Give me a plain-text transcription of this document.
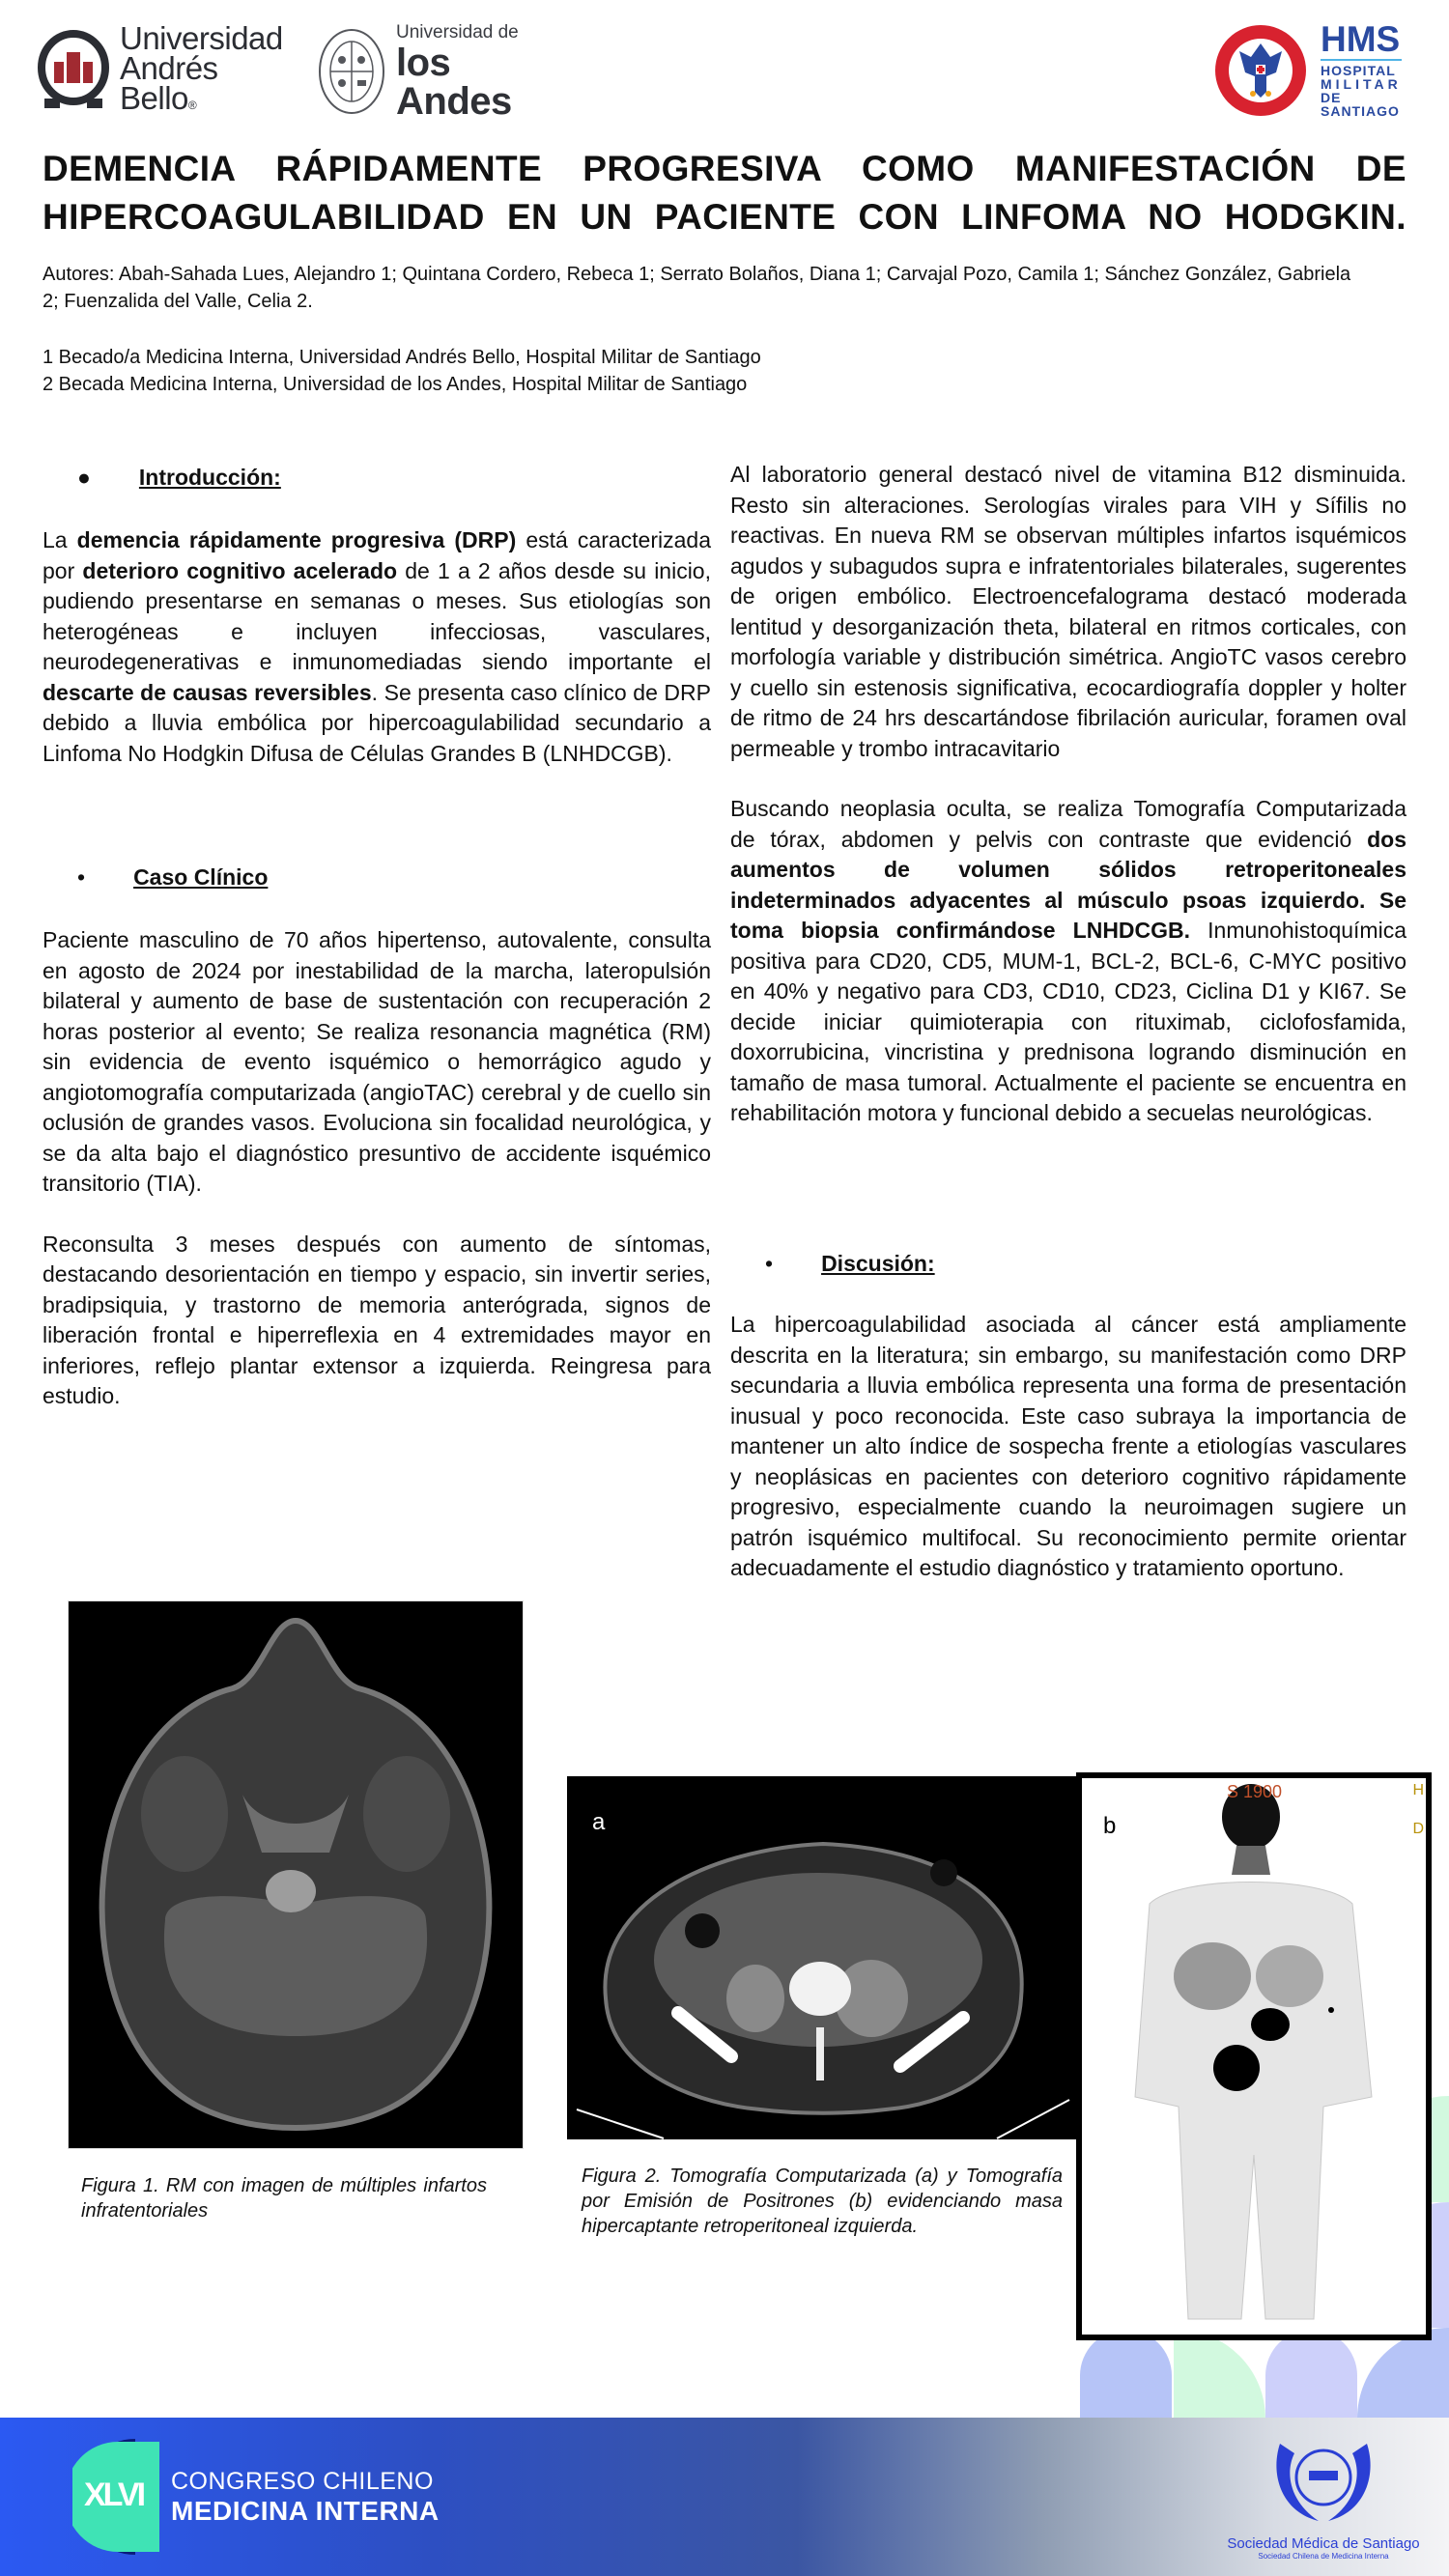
Universidad
Andrés Bello®
Universidad de
los Andes
HMS
HOSPITAL
MILITAR
DE SANTIAGO
DEMENCIA RÁPIDAMENTE PROGRESIVA COMO MANIFESTACIÓN DE
HIPERCOAGULABILIDAD EN UN PACIENTE CON LINFOMA NO HODGKIN.
Autores: Abah-Sahada Lues, Alejandro 1; Quintana Cordero, Rebeca 1; Serrato Bolaños, Diana 1; Carvajal Pozo, Camila 1; Sánchez González, Gabriela 2; Fuenzalida del Valle, Celia 2.
1 Becado/a Medicina Interna, Universidad Andrés Bello, Hospital Militar de Santiago
2 Becada Medicina Interna, Universidad de los Andes, Hospital Militar de Santiago
● Introducción:

La demencia rápidamente progresiva (DRP) está caracterizada por deterioro cognitivo acelerado de 1 a 2 años desde su inicio, pudiendo presentarse en semanas o meses. Sus etiologías son heterogéneas e incluyen infecciosas, vasculares, neurodegenerativas e inmunomediadas siendo importante el descarte de causas reversibles. Se presenta caso clínico de DRP debido a lluvia embólica por hipercoagulabilidad secundario a Linfoma No Hodgkin Difusa de Células Grandes B (LNHDCGB).

• Caso Clínico

Paciente masculino de 70 años hipertenso, autovalente, consulta en agosto de 2024 por inestabilidad de la marcha, lateropulsión bilateral y aumento de base de sustentación con recuperación 2 horas posterior al evento; Se realiza resonancia magnética (RM) sin evidencia de evento isquémico o hemorrágico agudo y angiotomografía computarizada (angioTAC) cerebral y de cuello sin oclusión de grandes vasos. Evoluciona sin focalidad neurológica, y se da alta bajo el diagnóstico presuntivo de accidente isquémico transitorio (TIA).

Reconsulta 3 meses después con aumento de síntomas, destacando desorientación en tiempo y espacio, sin invertir series, bradipsiquia, y trastorno de memoria anterógrada, signos de liberación frontal e hiperreflexia en 4 extremidades mayor en inferiores, reflejo plantar extensor a izquierda. Reingresa para estudio.

Al laboratorio general destacó nivel de vitamina B12 disminuida. Resto sin alteraciones. Serologías virales para VIH y Sífilis no reactivas. En nueva RM se observan múltiples infartos isquémicos agudos y subagudos supra e infratentoriales bilaterales, sugerentes de origen embólico. Electroencefalograma destacó moderada lentitud y desorganización theta, bilateral en ritmos corticales, con morfología variable y distribución simétrica. AngioTC vasos cerebro y cuello sin estenosis significativa, ecocardiografía doppler y holter de ritmo de 24 hrs descartándose fibrilación auricular, foramen oval permeable y trombo intracavitario

Buscando neoplasia oculta, se realiza Tomografía Computarizada de tórax, abdomen y pelvis con contraste que evidenció dos aumentos de volumen sólidos retroperitoneales indeterminados adyacentes al músculo psoas izquierdo. Se toma biopsia confirmándose LNHDCGB. Inmunohistoquímica positiva para CD20, CD5, MUM-1, BCL-2, BCL-6, C-MYC positivo en 40% y negativo para CD3, CD10, CD23, Ciclina D1 y KI67. Se decide iniciar quimioterapia con rituximab, ciclofosfamida, doxorrubicina, vincristina y prednisona logrando disminución en tamaño de masa tumoral. Actualmente el paciente se encuentra en rehabilitación motora y funcional debido a secuelas neurológicas.

• Discusión:

La hipercoagulabilidad asociada al cáncer está ampliamente descrita en la literatura; sin embargo, su manifestación como DRP secundaria a lluvia embólica representa una forma de presentación inusual y poco reconocida. Este caso subraya la importancia de mantener un alto índice de sospecha frente a etiologías vasculares y neoplásicas en pacientes con deterioro cognitivo rápidamente progresivo, especialmente cuando la neuroimagen sugiere un patrón isquémico multifocal. Su reconocimiento permite orientar adecuadamente el estudio diagnóstico y tratamiento oportuno.

Figura 1. RM con imagen de múltiples infartos infratentoriales
a
S 1900	H
D
b
Figura 2. Tomografía Computarizada (a) y Tomografía por Emisión de Positrones (b) evidenciando masa hipercaptante retroperitoneal izquierda.
XLVI CONGRESO CHILENO
MEDICINA INTERNA
Sociedad Médica de Santiago
Sociedad Chilena de Medicina Interna
